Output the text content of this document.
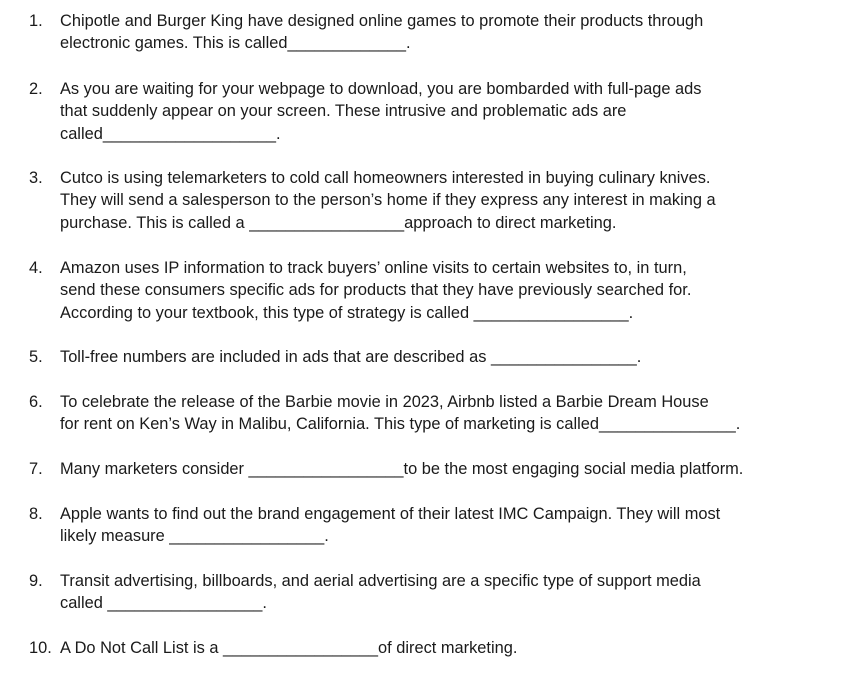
1. Chipotle and Burger King have designed online games to promote their products through
electronic games. This is called_____________.
2. As you are waiting for your webpage to download, you are bombarded with full-page ads
that suddenly appear on your screen. These intrusive and problematic ads are
called___________________.
3. Cutco is using telemarketers to cold call homeowners interested in buying culinary knives.
They will send a salesperson to the person’s home if they express any interest in making a
purchase. This is called a _________________approach to direct marketing.
4. Amazon uses IP information to track buyers’ online visits to certain websites to, in turn,
send these consumers specific ads for products that they have previously searched for.
According to your textbook, this type of strategy is called _________________.
5. Toll-free numbers are included in ads that are described as ________________.
6. To celebrate the release of the Barbie movie in 2023, Airbnb listed a Barbie Dream House
for rent on Ken’s Way in Malibu, California. This type of marketing is called_______________.
7. Many marketers consider _________________to be the most engaging social media platform.
8. Apple wants to find out the brand engagement of their latest IMC Campaign. They will most
likely measure _________________.
9. Transit advertising, billboards, and aerial advertising are a specific type of support media
called _________________.
10. A Do Not Call List is a _________________of direct marketing.
